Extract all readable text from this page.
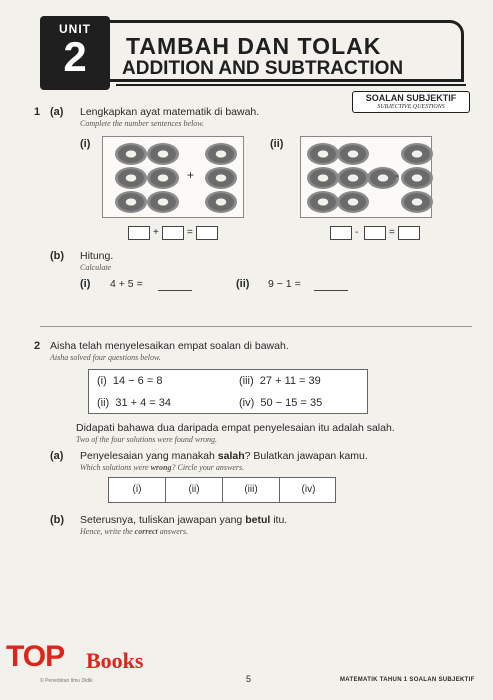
UNIT
2	TAMBAH DAN TOLAK
ADDITION AND SUBTRACTION
SOALAN SUBJEKTIF
SUBJECTIVE QUESTIONS
1 (a) Lengkapkan ayat matematik di bawah.
Complete the number sentences below.
(i)
+
(ii)
-
+	=	-	=
(b) Hitung.
Calculate
(i) 4 + 5 =	(ii) 9 − 1 =
2 Aisha telah menyelesaikan empat soalan di bawah.
Aisha solved four questions below.
(i) 14 − 6 = 8
(ii) 31 + 4 = 34
(iii) 27 + 11 = 39
(iv) 50 − 15 = 35
Didapati bahawa dua daripada empat penyelesaian itu adalah salah.
Two of the four solutions were found wrong.
(a) Penyelesaian yang manakah salah? Bulatkan jawapan kamu.
Which solutions were wrong? Circle your answers.
(i)	(ii)	(iii)	(iv)
(b) Seterusnya, tuliskan jawapan yang betul itu.
Hence, write the correct answers.
TOP Books
© Penerbitan Ilmu Didik	5	MATEMATIK TAHUN 1 SOALAN SUBJEKTIF
